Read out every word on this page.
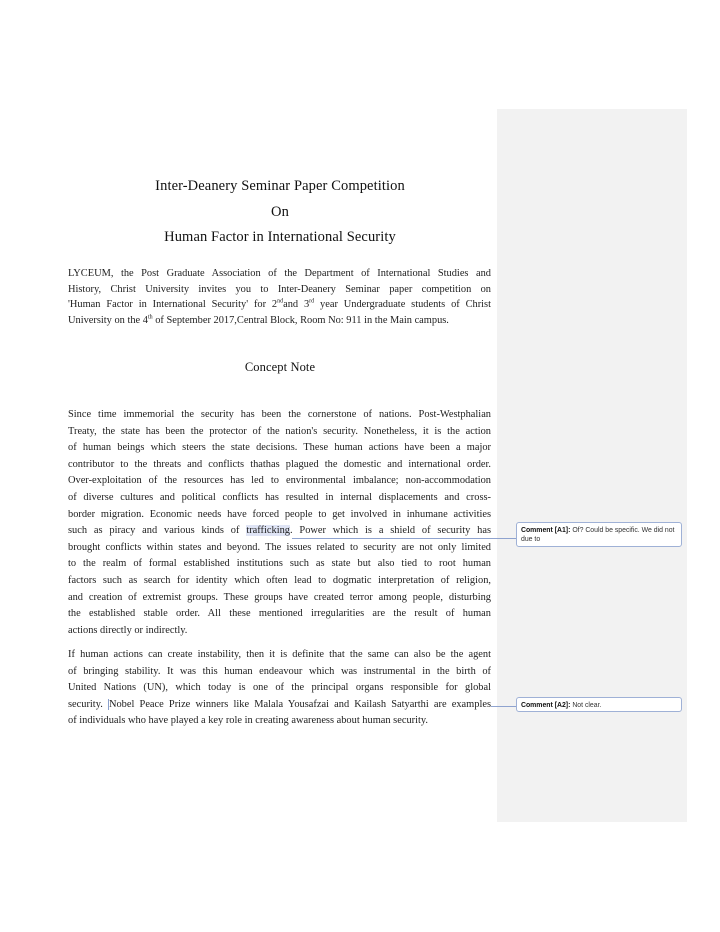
Inter-Deanery Seminar Paper Competition
On
Human Factor in International Security
LYCEUM, the Post Graduate Association of the Department of International Studies and
History, Christ University invites you to Inter-Deanery Seminar paper competition on
'Human Factor in International Security' for 2ndand 3rd year Undergraduate students of Christ
University on the 4th of September 2017,Central Block, Room No: 911 in the Main campus.
Concept Note
Since time immemorial the security has been the cornerstone of nations. Post-Westphalian
Treaty, the state has been the protector of the nation's security. Nonetheless, it is the action
of human beings which steers the state decisions. These human actions have been a major
contributor to the threats and conflicts thathas plagued the domestic and international order.
Over-exploitation of the resources has led to environmental imbalance; non-accommodation
of diverse cultures and political conflicts has resulted in internal displacements and cross-
border migration. Economic needs have forced people to get involved in inhumane activities
such as piracy and various kinds of trafficking. Power which is a shield of security has
brought conflicts within states and beyond. The issues related to security are not only limited
to the realm of formal established institutions such as state but also tied to root human
factors such as search for identity which often lead to dogmatic interpretation of religion,
and creation of extremist groups. These groups have created terror among people, disturbing
the established stable order. All these mentioned irregularities are the result of human
actions directly or indirectly.
If human actions can create instability, then it is definite that the same can also be the agent
of bringing stability. It was this human endeavour which was instrumental in the birth of
United Nations (UN), which today is one of the principal organs responsible for global
security. Nobel Peace Prize winners like Malala Yousafzai and Kailash Satyarthi are examples
of individuals who have played a key role in creating awareness about human security.
Comment [A1]: Of? Could be specific. We did not due to
Comment [A2]: Not clear.
